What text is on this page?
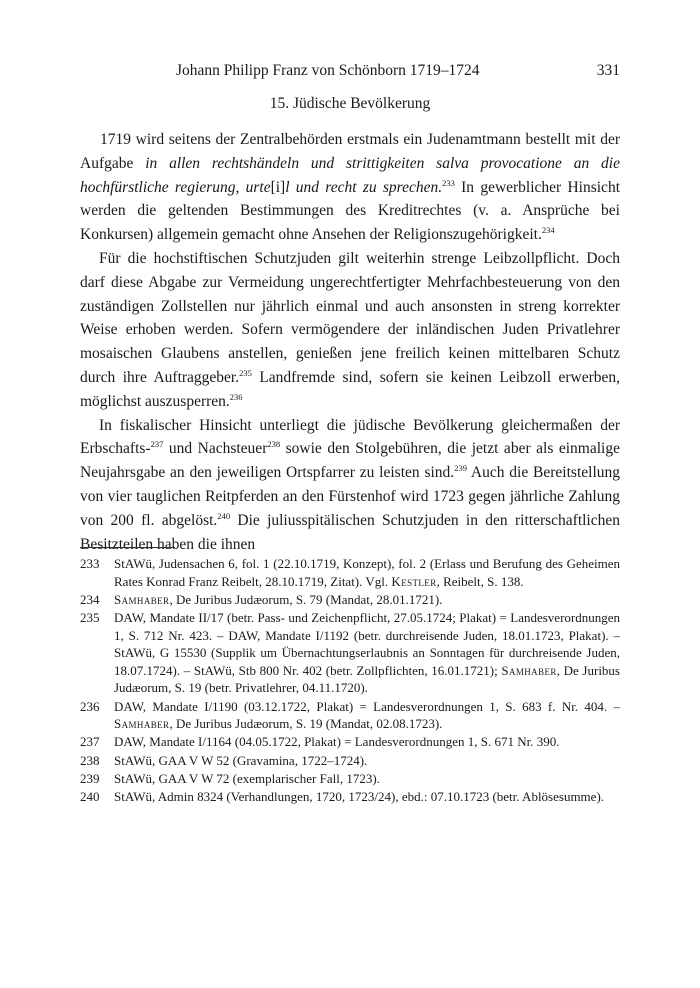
Johann Philipp Franz von Schönborn 1719–1724	331
15. Jüdische Bevölkerung

1719 wird seitens der Zentralbehörden erstmals ein Judenamtmann bestellt mit der Aufgabe in allen rechtshändeln und strittigkeiten salva provocatione an die hochfürstliche regierung, urte[i]l und recht zu sprechen.$^{233}$ In gewerblicher Hinsicht werden die geltenden Bestimmungen des Kreditrechtes (v. a. Ansprüche bei Konkursen) allgemein gemacht ohne Ansehen der Religionszugehörigkeit.$^{234}$

Für die hochstiftischen Schutzjuden gilt weiterhin strenge Leibzollpflicht. Doch darf diese Abgabe zur Vermeidung ungerechtfertigter Mehrfachbesteuerung von den zuständigen Zollstellen nur jährlich einmal und auch ansonsten in streng korrekter Weise erhoben werden. Sofern vermögendere der inländischen Juden Privatlehrer mosaischen Glaubens anstellen, genießen jene freilich keinen mittelbaren Schutz durch ihre Auftraggeber.$^{235}$ Landfremde sind, sofern sie keinen Leibzoll erwerben, möglichst auszusperren.$^{236}$

In fiskalischer Hinsicht unterliegt die jüdische Bevölkerung gleichermaßen der Erbschafts-$^{237}$ und Nachsteuer$^{238}$ sowie den Stolgebühren, die jetzt aber als einmalige Neujahrsgabe an den jeweiligen Ortspfarrer zu leisten sind.$^{239}$ Auch die Bereitstellung von vier tauglichen Reitpferden an den Fürstenhof wird 1723 gegen jährliche Zahlung von 200 fl. abgelöst.$^{240}$ Die juliusspitälischen Schutzjuden in den ritterschaftlichen Besitzteilen haben die ihnen

233 StAWü, Judensachen 6, fol. 1 (22.10.1719, Konzept), fol. 2 (Erlass und Berufung des Geheimen Rates Konrad Franz Reibelt, 28.10.1719, Zitat). Vgl. Kestler, Reibelt, S. 138.
234 Samhaber, De Juribus Judæorum, S. 79 (Mandat, 28.01.1721).
235 DAW, Mandate II/17 (betr. Pass- und Zeichenpflicht, 27.05.1724; Plakat) = Landesverordnungen 1, S. 712 Nr. 423. – DAW, Mandate I/1192 (betr. durchreisende Juden, 18.01.1723, Plakat). – StAWü, G 15530 (Supplik um Übernachtungserlaubnis an Sonntagen für durchreisende Juden, 18.07.1724). – StAWü, Stb 800 Nr. 402 (betr. Zollpflichten, 16.01.1721); Samhaber, De Juribus Judæorum, S. 19 (betr. Privatlehrer, 04.11.1720).
236 DAW, Mandate I/1190 (03.12.1722, Plakat) = Landesverordnungen 1, S. 683 f. Nr. 404. – Samhaber, De Juribus Judæorum, S. 19 (Mandat, 02.08.1723).
237 DAW, Mandate I/1164 (04.05.1722, Plakat) = Landesverordnungen 1, S. 671 Nr. 390.
238 StAWü, GAA V W 52 (Gravamina, 1722–1724).
239 StAWü, GAA V W 72 (exemplarischer Fall, 1723).
240 StAWü, Admin 8324 (Verhandlungen, 1720, 1723/24), ebd.: 07.10.1723 (betr. Ablösesumme).
